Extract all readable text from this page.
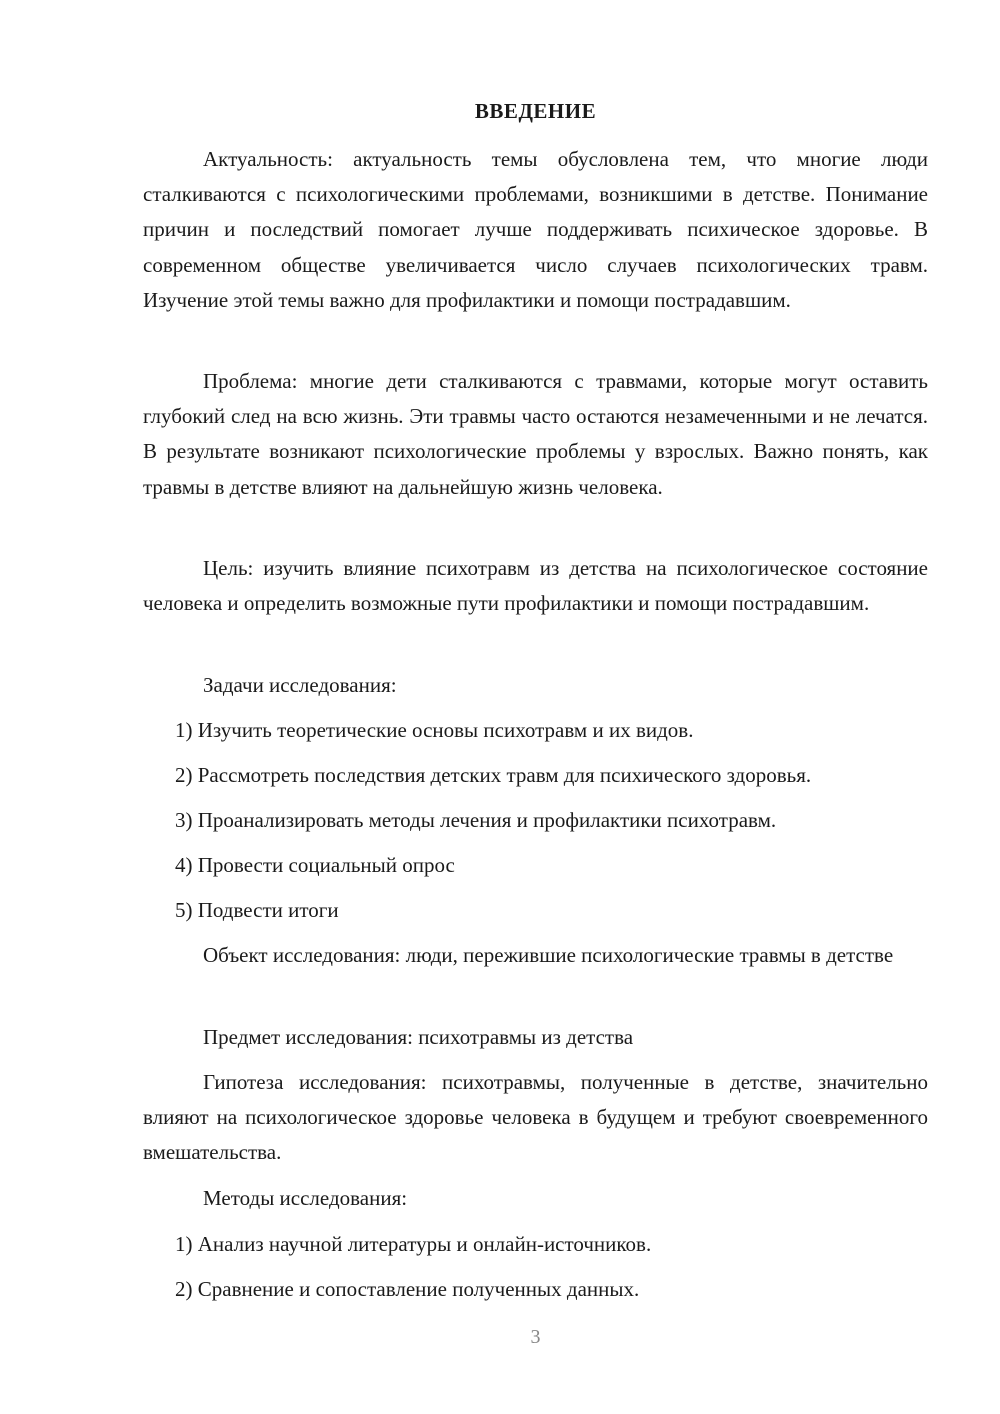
ВВЕДЕНИЕ

Актуальность: актуальность темы обусловлена тем, что многие люди сталкиваются с психологическими проблемами, возникшими в детстве. Понимание причин и последствий помогает лучше поддерживать психическое здоровье. В современном обществе увеличивается число случаев психологических травм. Изучение этой темы важно для профилактики и помощи пострадавшим.

Проблема: многие дети сталкиваются с травмами, которые могут оставить глубокий след на всю жизнь. Эти травмы часто остаются незамеченными и не лечатся. В результате возникают психологические проблемы у взрослых. Важно понять, как травмы в детстве влияют на дальнейшую жизнь человека.

Цель: изучить влияние психотравм из детства на психологическое состояние человека и определить возможные пути профилактики и помощи пострадавшим.

Задачи исследования:

1) Изучить теоретические основы психотравм и их видов.

2) Рассмотреть последствия детских травм для психического здоровья.

3) Проанализировать методы лечения и профилактики психотравм.

4) Провести социальный опрос

5) Подвести итоги

Объект исследования: люди, пережившие психологические травмы в детстве

Предмет исследования: психотравмы из детства

Гипотеза исследования: психотравмы, полученные в детстве, значительно влияют на психологическое здоровье человека в будущем и требуют своевременного вмешательства.

Методы исследования:

1) Анализ научной литературы и онлайн-источников.

2) Сравнение и сопоставление полученных данных.

3
